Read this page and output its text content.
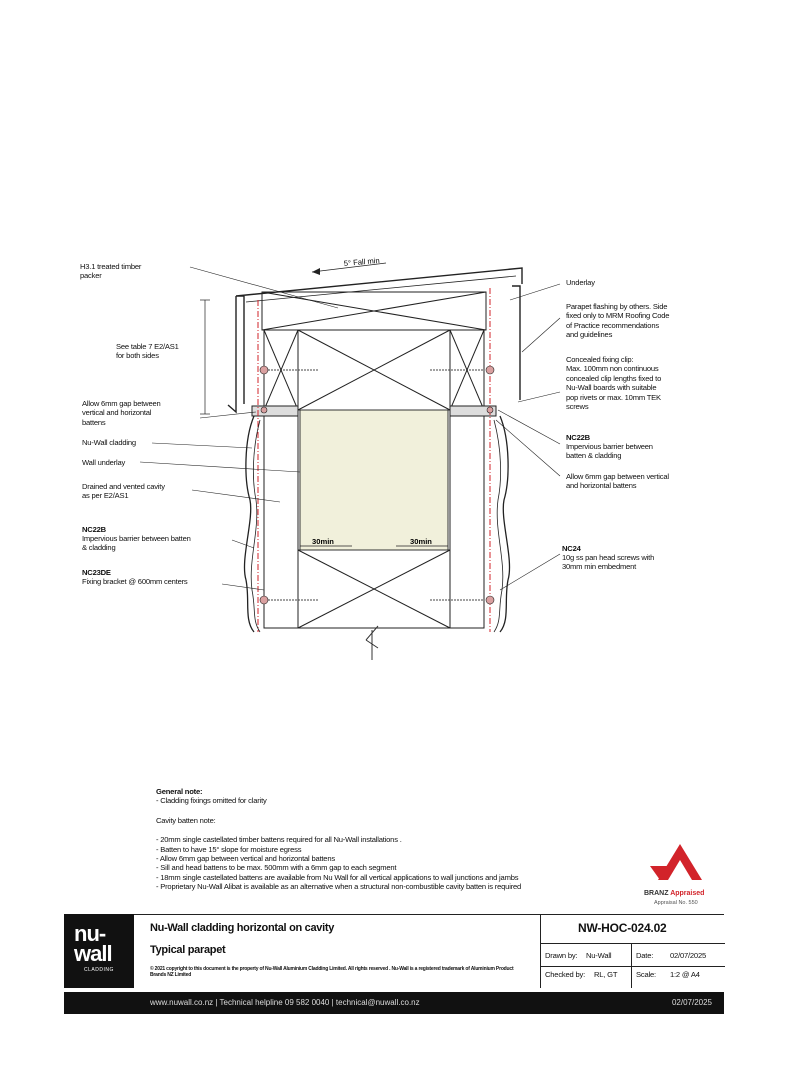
5° Fall min
30min	30min
H3.1 treated timber
packer
See table 7 E2/AS1
for both sides
Allow 6mm gap between
vertical and horizontal
battens
Nu-Wall cladding
Wall underlay
Drained and vented cavity
as per E2/AS1
NC22B
Impervious barrier between batten
& cladding
NC23DE
Fixing bracket @ 600mm centers
Underlay
Parapet flashing by others. Side
fixed only to MRM Roofing Code
of Practice recommendations
and guidelines
Concealed fixing clip:
Max. 100mm non continuous
concealed clip lengths fixed to
Nu-Wall boards with suitable
pop rivets or max. 10mm TEK
screws
NC22B
Impervious barrier between
batten & cladding
Allow 6mm gap between vertical
and horizontal battens
NC24
10g ss pan head screws with
30mm min embedment
General note:
- Cladding fixings omitted for clarity
Cavity batten note:
- 20mm single castellated timber battens required for all Nu-Wall installations .
- Batten to have 15° slope for moisture egress
- Allow 6mm gap between vertical and horizontal battens
- Sill and head battens to be max. 500mm with a 6mm gap to each segment
- 18mm single castellated battens are available from Nu Wall for all vertical applications to wall junctions and jambs
- Proprietary Nu-Wall Alibat is available as an alternative when a structural non-combustible cavity batten is required
BRANZ Appraised
Appraisal No. 550
nu-
wall
CLADDING
Nu-Wall cladding horizontal on cavity
Typical parapet
© 2021 copyright to this document is the property of Nu-Wall Aluminium Cladding Limited. All rights reserved . Nu-Wall is a registered trademark of Aluminium Product Brands NZ Limited
NW-HOC-024.02
Drawn by: Nu-Wall	Date: 02/07/2025
Checked by: RL, GT Scale: 1:2 @ A4
www.nuwall.co.nz | Technical helpline 09 582 0040 | technical@nuwall.co.nz	02/07/2025
